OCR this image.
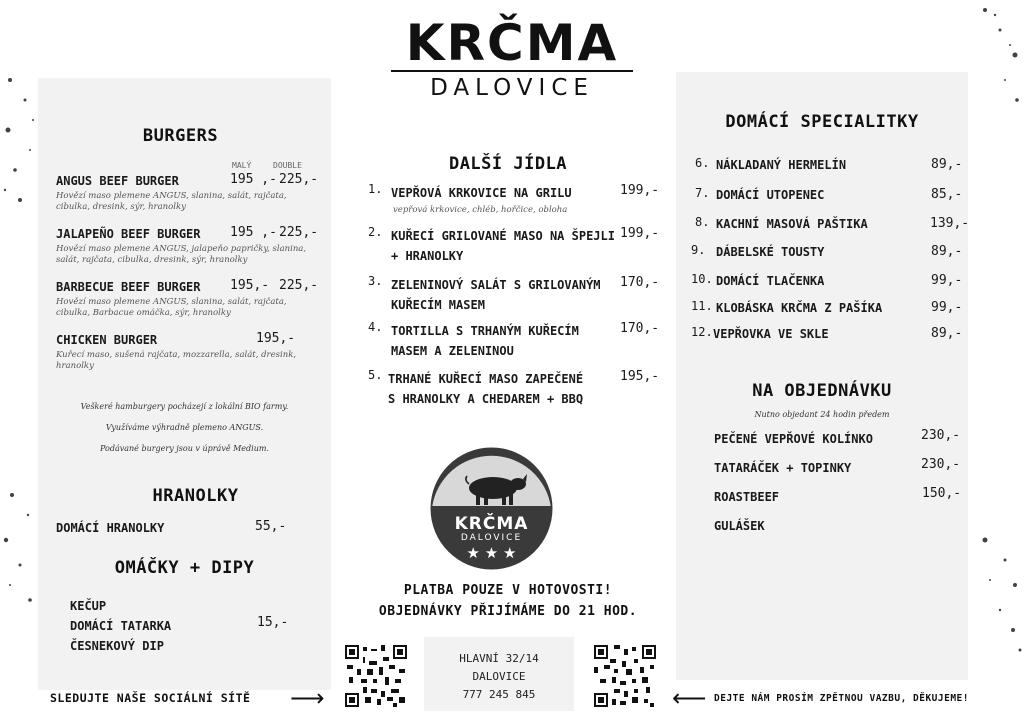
KRČMA
DALOVICE
BURGERS
MALÝ	DOUBLE
ANGUS BEEF BURGER	195 ,- 225,-
Hovězí maso plemene ANGUS, slanina, salát, rajčata, cibulka, dresink, sýr, hranolky
JALAPEÑO BEEF BURGER 195 ,- 225,-
Hovězí maso plemene ANGUS, jalapeňo papričky, slanina, salát, rajčata, cibulka, dresink, sýr, hranolky
BARBECUE BEEF BURGER 195,- 225,-
Hovězí maso plemene ANGUS, slanina, salát, rajčata, cibulka, Barbacue omáčka, sýr, hranolky
CHICKEN BURGER	195,-
Kuřecí maso, sušená rajčata, mozzarella, salát, dresink, hranolky
Veškeré hamburgery pocházejí z lokální BIO farmy.
Využíváme výhradně plemeno ANGUS.
Podávané burgery jsou v úprávě Medium.
HRANOLKY
DOMÁCÍ HRANOLKY	55,-
OMÁČKY + DIPY
KEČUP
DOMÁCÍ TATARKA
ČESNEKOVÝ DIP
15,-
DALŠÍ JÍDLA
1. VEPŘOVÁ KRKOVICE NA GRILU	199,-
vepřová krkovice, chléb, hořčice, obloha
2. KUŘECÍ GRILOVANÉ MASO NA ŠPEJLI
+ HRANOLKY
199,-
3. ZELENINOVÝ SALÁT S GRILOVANÝM
KUŘECÍM MASEM
170,-
4. TORTILLA S TRHANÝM KUŘECÍM
MASEM A ZELENINOU
170,-
5. TRHANÉ KUŘECÍ MASO ZAPEČENÉ
S HRANOLKY A CHEDAREM + BBQ
195,-
KRČMA
DALOVICE
★ ★ ★
PLATBA POUZE V HOTOVOSTI!
OBJEDNÁVKY PŘIJÍMÁME DO 21 HOD.
HLAVNÍ 32/14
DALOVICE
777 245 845
SLEDUJTE NAŠE SOCIÁLNÍ SÍTĚ ⟶	⟵ DEJTE NÁM PROSÍM ZPĚTNOU VAZBU, DĚKUJEME!
DOMÁCÍ SPECIALITKY
6. NÁKLADANÝ HERMELÍN	89,-
7. DOMÁCÍ UTOPENEC	85,-
8. KACHNÍ MASOVÁ PAŠTIKA	139,-
9. DÁBELSKÉ TOUSTY	89,-
10. DOMÁCÍ TLAČENKA	99,-
11. KLOBÁSKA KRČMA Z PAŠÍKA	99,-
12. VEPŘOVKA VE SKLE	89,-
NA OBJEDNÁVKU
Nutno objedant 24 hodin předem
PEČENÉ VEPŘOVÉ KOLÍNKO	230,-
TATARÁČEK + TOPINKY	230,-
ROASTBEEF	150,-
GULÁŠEK
